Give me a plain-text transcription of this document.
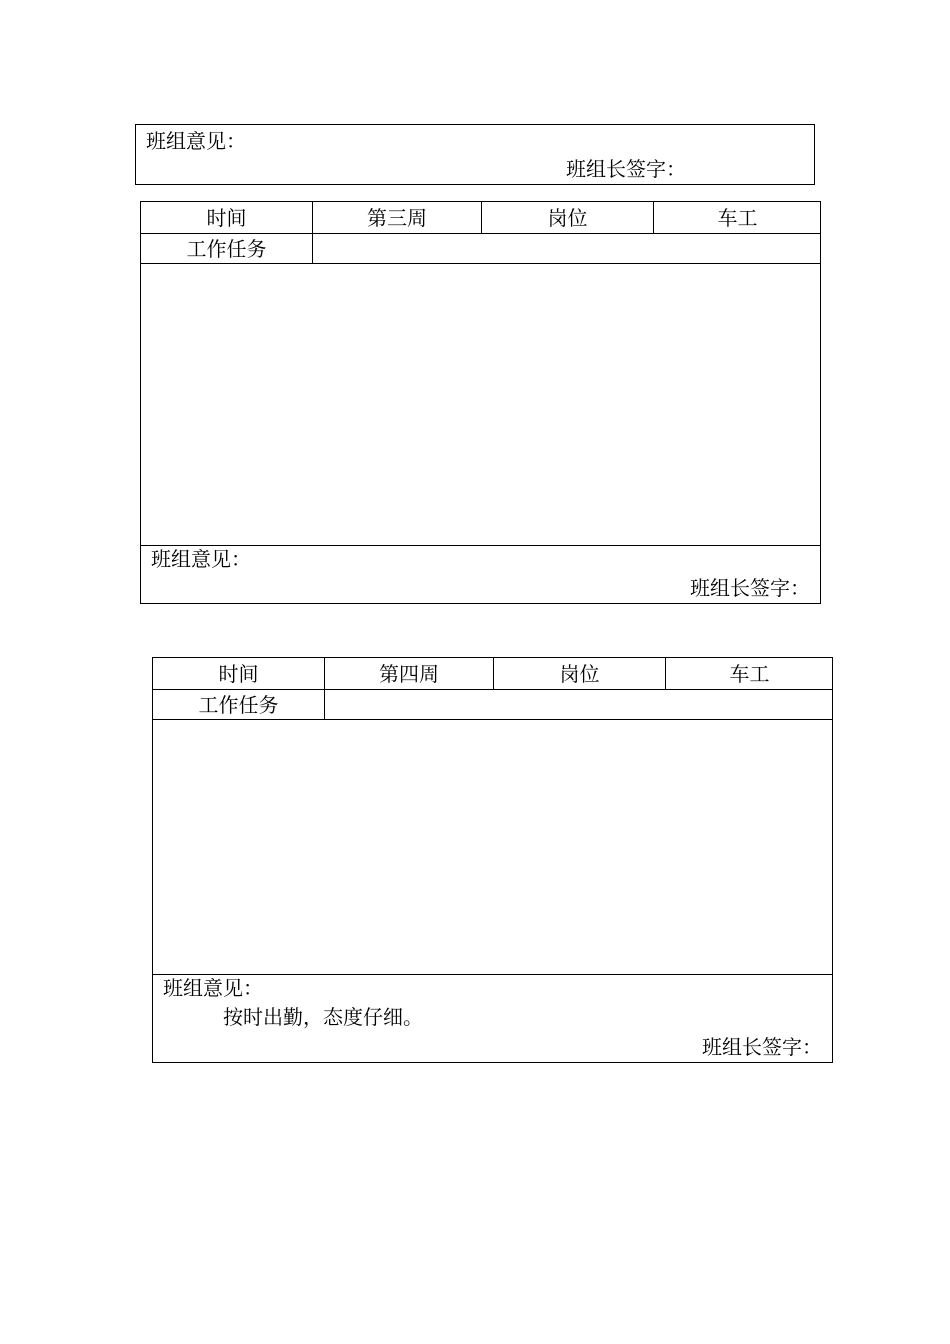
班组意见：
班组长签字：
时间	第三周	岗位	车工
工作任务
班组意见：
班组长签字：
时间	第四周	岗位	车工
工作任务
班组意见：
按时出勤，态度仔细。
班组长签字：
